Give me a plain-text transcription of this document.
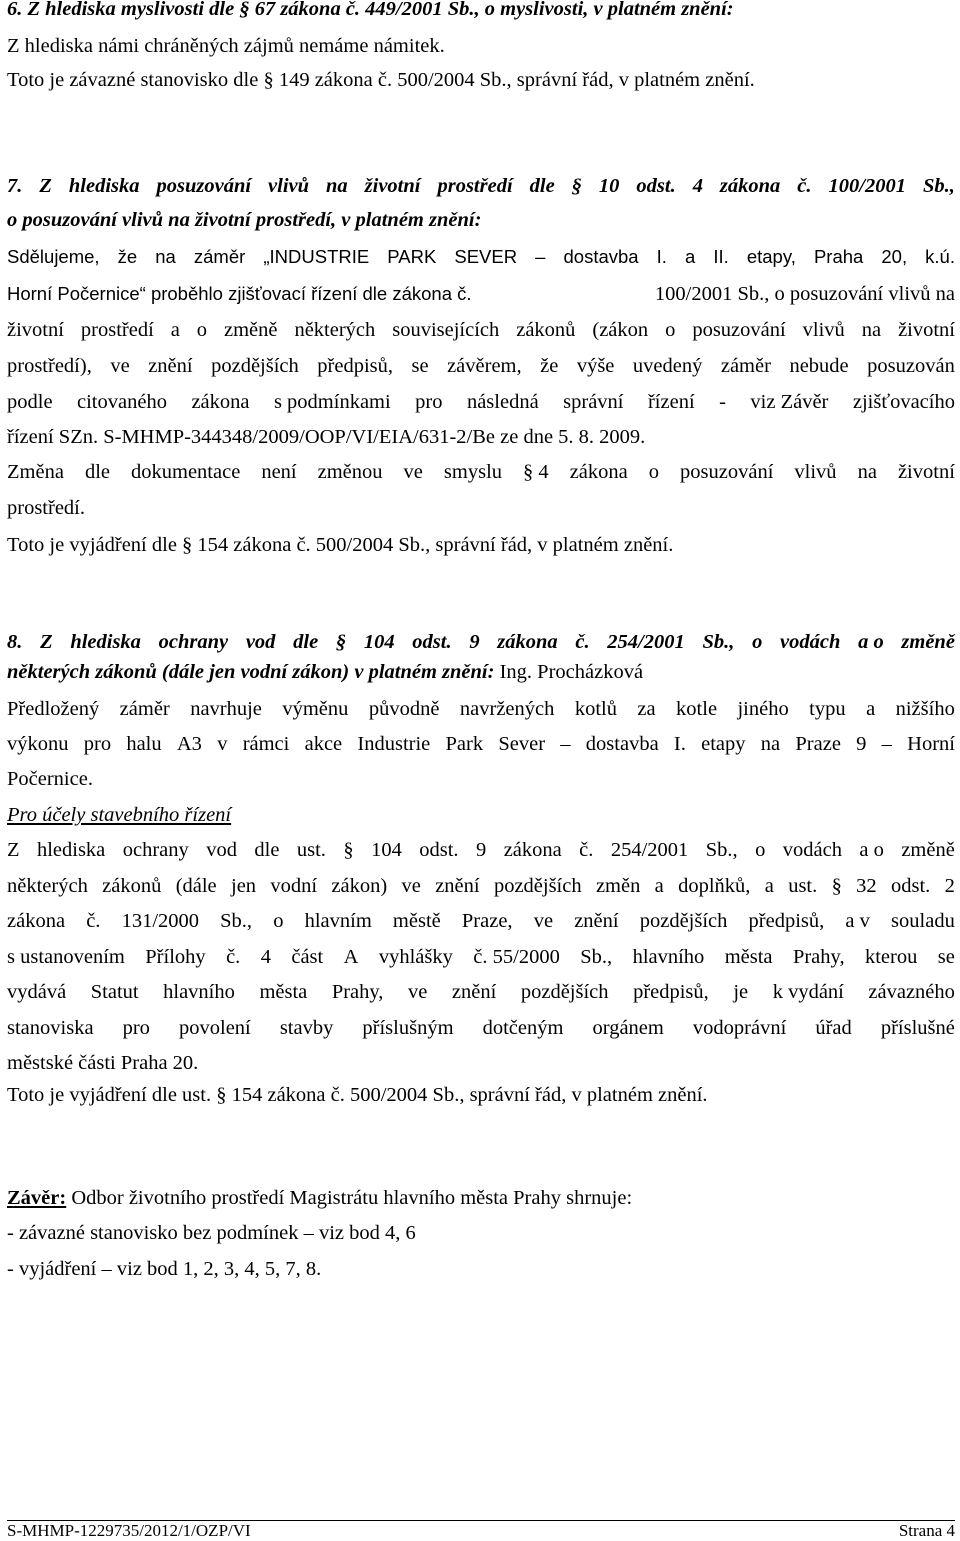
6. Z hlediska myslivosti dle § 67 zákona č. 449/2001 Sb., o myslivosti, v platném znění:
Z hlediska námi chráněných zájmů nemáme námitek.
Toto je závazné stanovisko dle § 149 zákona č. 500/2004 Sb., správní řád, v platném znění.
7. Z hlediska posuzování vlivů na životní prostředí dle § 10 odst. 4 zákona č. 100/2001 Sb.,
o posuzování vlivů na životní prostředí, v platném znění:
Sdělujeme, že na záměr „INDUSTRIE PARK SEVER – dostavba I. a II. etapy, Praha 20, k.ú.
Horní Počernice“ proběhlo zjišťovací řízení dle zákona č.	100/2001 Sb., o posuzování vlivů na
životní prostředí a o změně některých souvisejících zákonů (zákon o posuzování vlivů na životní
prostředí), ve znění pozdějších předpisů, se závěrem, že výše uvedený záměr nebude posuzován
podle citovaného zákona s podmínkami pro následná správní řízení - viz Závěr zjišťovacího
řízení SZn. S-MHMP-344348/2009/OOP/VI/EIA/631-2/Be ze dne 5. 8. 2009.
Změna dle dokumentace není změnou ve smyslu § 4 zákona o posuzování vlivů na životní
prostředí.
Toto je vyjádření dle § 154 zákona č. 500/2004 Sb., správní řád, v platném znění.
8. Z hlediska ochrany vod dle § 104 odst. 9 zákona č. 254/2001 Sb., o vodách a o změně
některých zákonů (dále jen vodní zákon) v platném znění: Ing. Procházková
Předložený záměr navrhuje výměnu původně navržených kotlů za kotle jiného typu a nižšího
výkonu pro halu A3 v rámci akce Industrie Park Sever – dostavba I. etapy na Praze 9 – Horní
Počernice.
Pro účely stavebního řízení
Z hlediska ochrany vod dle ust. § 104 odst. 9 zákona č. 254/2001 Sb., o vodách a o změně
některých zákonů (dále jen vodní zákon) ve znění pozdějších změn a doplňků, a ust. § 32 odst. 2
zákona č. 131/2000 Sb., o hlavním městě Praze, ve znění pozdějších předpisů, a v souladu
s ustanovením Přílohy č. 4 část A vyhlášky č. 55/2000 Sb., hlavního města Prahy, kterou se
vydává Statut hlavního města Prahy, ve znění pozdějších předpisů, je k vydání závazného
stanoviska pro povolení stavby příslušným dotčeným orgánem vodoprávní úřad příslušné
městské části Praha 20.
Toto je vyjádření dle ust. § 154 zákona č. 500/2004 Sb., správní řád, v platném znění.
Závěr: Odbor životního prostředí Magistrátu hlavního města Prahy shrnuje:
- závazné stanovisko bez podmínek – viz bod 4, 6
- vyjádření – viz bod 1, 2, 3, 4, 5, 7, 8.
S-MHMP-1229735/2012/1/OZP/VI	Strana 4
